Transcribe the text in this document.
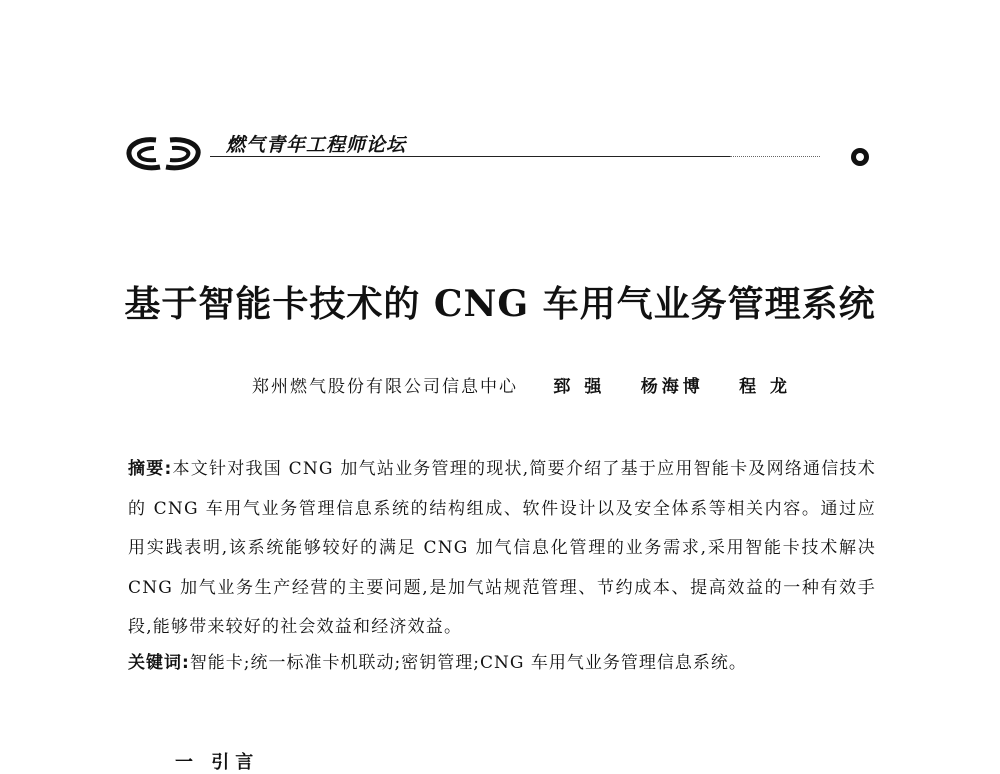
燃气青年工程师论坛
基于智能卡技术的 CNG 车用气业务管理系统
郑州燃气股份有限公司信息中心 郅 强 杨海博 程 龙
摘要:本文针对我国 CNG 加气站业务管理的现状,简要介绍了基于应用智能卡及网络通信技术的 CNG 车用气业务管理信息系统的结构组成、软件设计以及安全体系等相关内容。通过应用实践表明,该系统能够较好的满足 CNG 加气信息化管理的业务需求,采用智能卡技术解决 CNG 加气业务生产经营的主要问题,是加气站规范管理、节约成本、提高效益的一种有效手段,能够带来较好的社会效益和经济效益。
关键词:智能卡;统一标准卡机联动;密钥管理;CNG 车用气业务管理信息系统。
一 引言
